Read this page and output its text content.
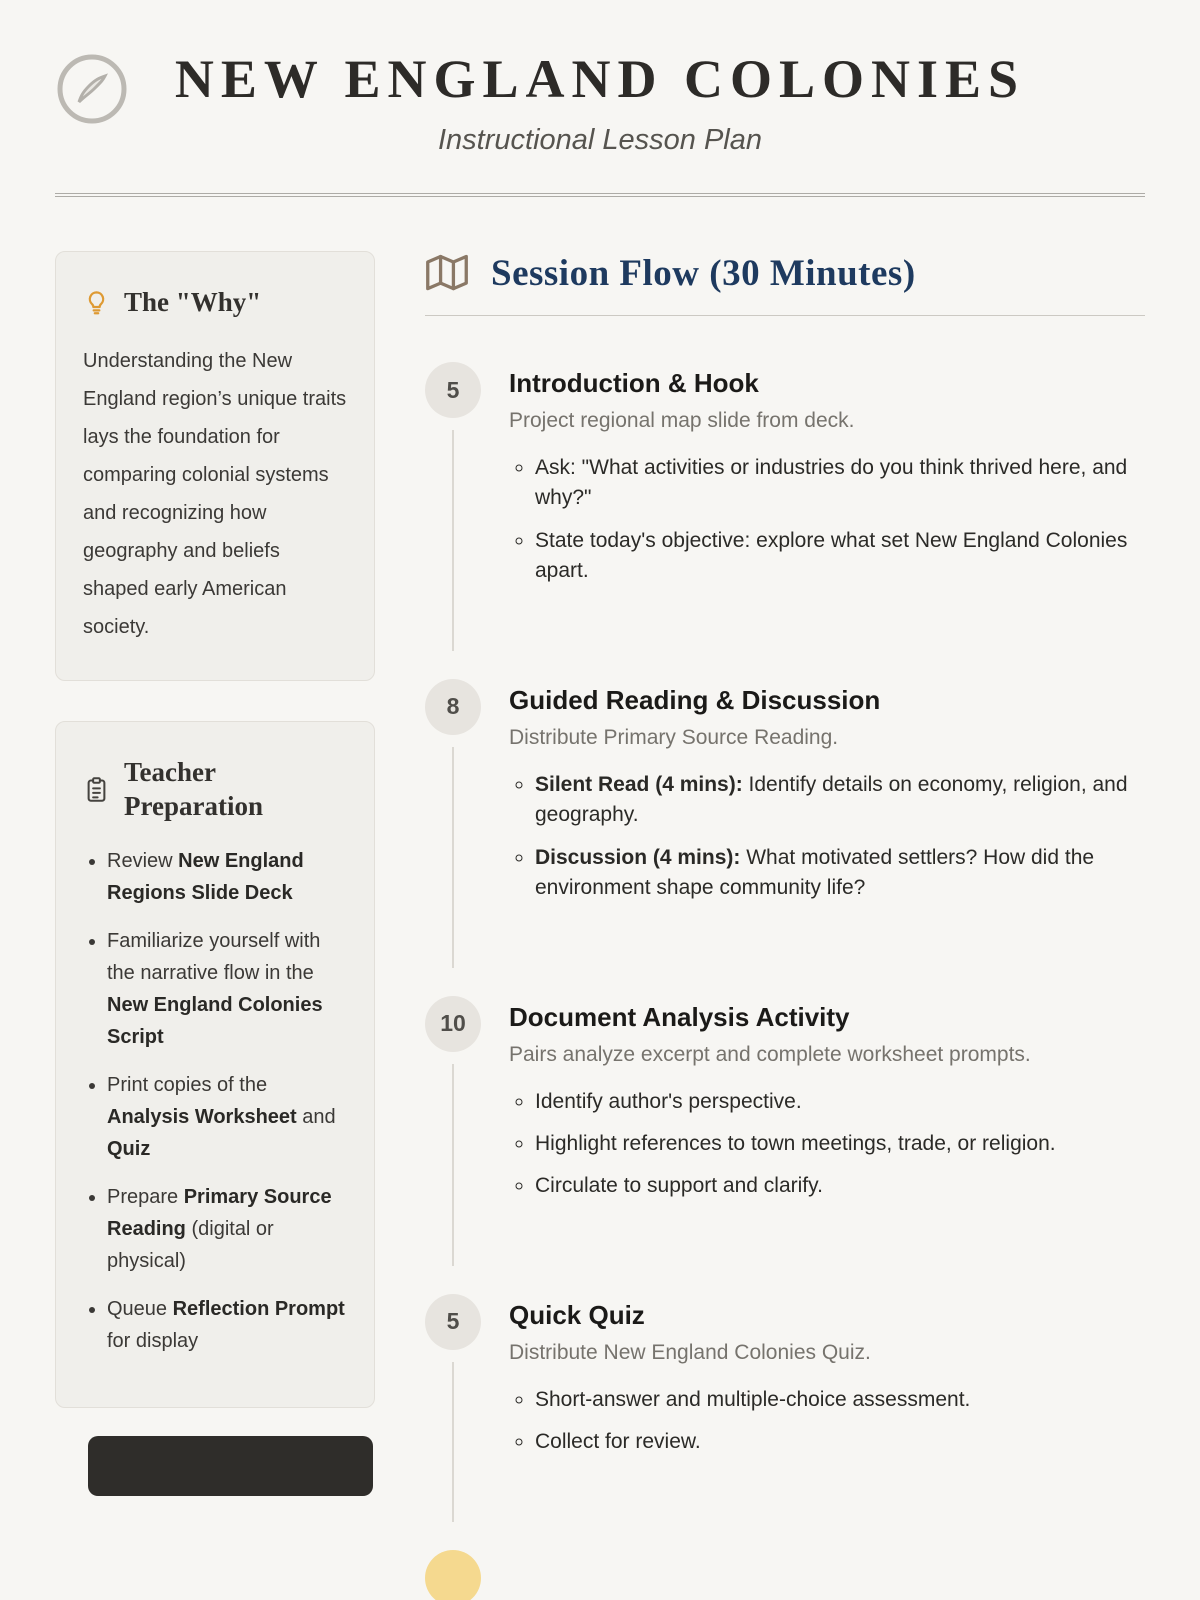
NEW ENGLAND COLONIES
Instructional Lesson Plan
The "Why"

Understanding the New England region’s unique traits lays the foundation for comparing colonial systems and recognizing how geography and beliefs shaped early American society.

Teacher Preparation
• Review New England Regions Slide Deck
• Familiarize yourself with the narrative flow in the New England Colonies Script
• Print copies of the Analysis Worksheet and Quiz
• Prepare Primary Source Reading (digital or physical)
• Queue Reflection Prompt for display
Session Flow (30 Minutes)
5	Introduction & Hook

Project regional map slide from deck.

◦ Ask: "What activities or industries do you think thrived here, and why?"
◦ State today's objective: explore what set New England Colonies apart.
8	Guided Reading & Discussion

Distribute Primary Source Reading.

◦ Silent Read (4 mins): Identify details on economy, religion, and geography.
◦ Discussion (4 mins): What motivated settlers? How did the environment shape community life?
10	Document Analysis Activity

Pairs analyze excerpt and complete worksheet prompts.

◦ Identify author's perspective.
◦ Highlight references to town meetings, trade, or religion.
◦ Circulate to support and clarify.
5	Quick Quiz

Distribute New England Colonies Quiz.

◦ Short-answer and multiple-choice assessment.
◦ Collect for review.
